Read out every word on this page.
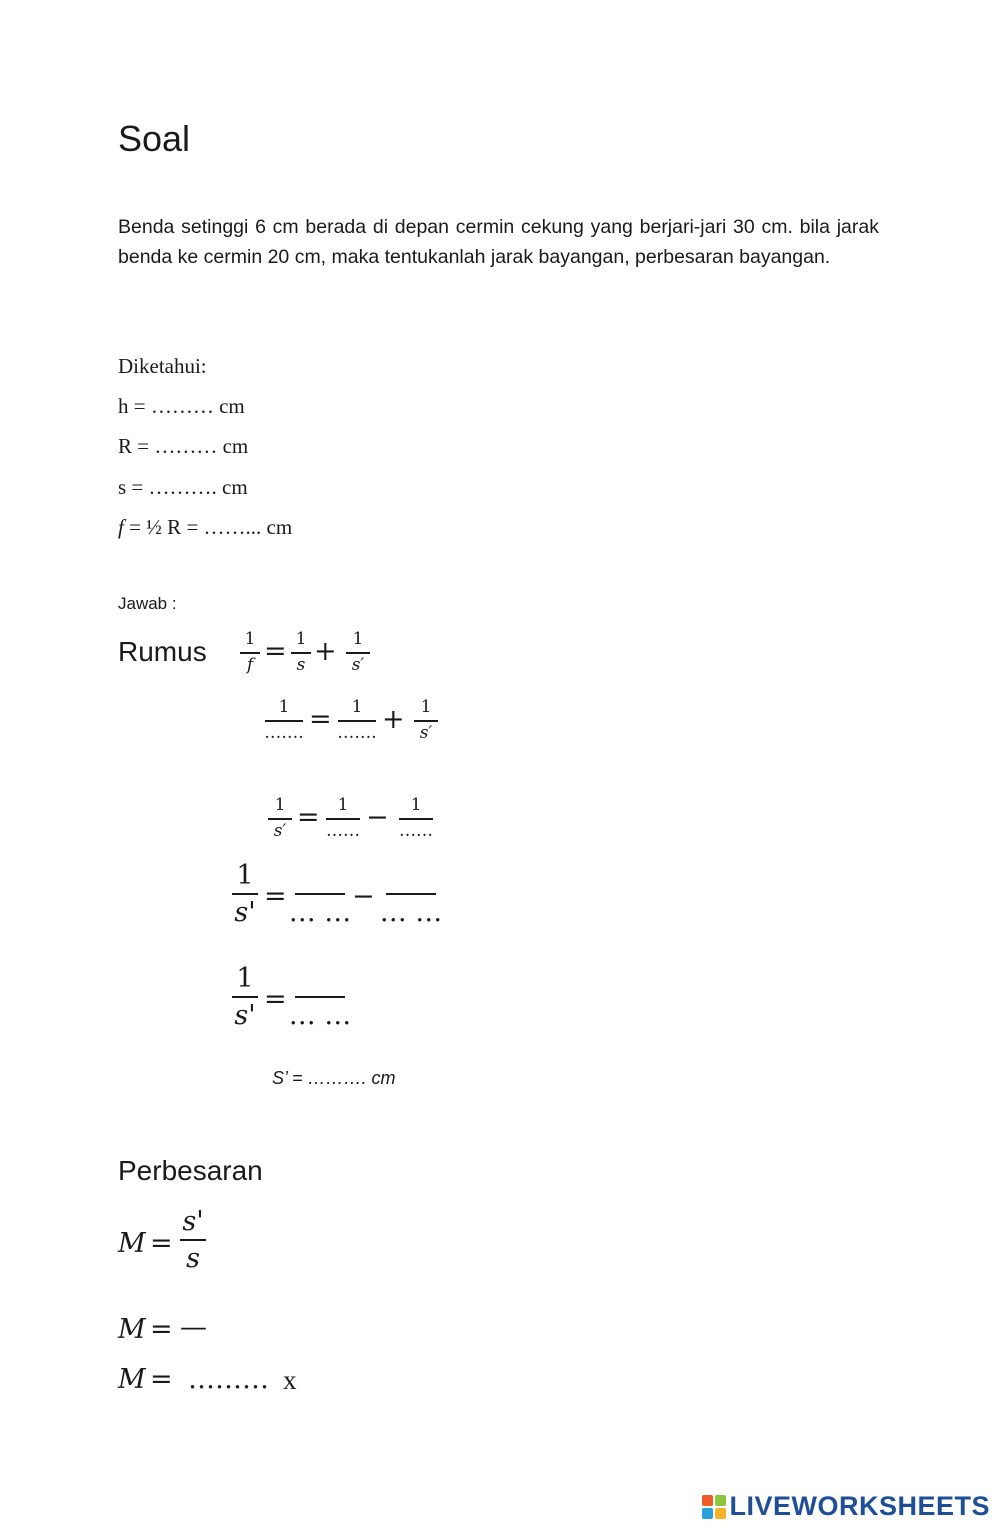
Soal
Benda setinggi 6 cm berada di depan cermin cekung yang berjari-jari 30 cm. bila jarak benda ke cermin 20 cm, maka tentukanlah jarak bayangan, perbesaran bayangan.
Diketahui:
h = ……… cm
R = ……… cm
s = ………. cm
f = ½ R = ……... cm
Jawab :
Rumus 1
f = 1
s + 1
s′
1
……. = 1
……. + 1
s′
1
s′ = 1
…… − 1
……
1
s'
=
… …
−
… …
1
s'
=
… …
S’ = ………. cm
Perbesaran
M =
s'
s
M = —
M = ……… x
LIVEWORKSHEETS
